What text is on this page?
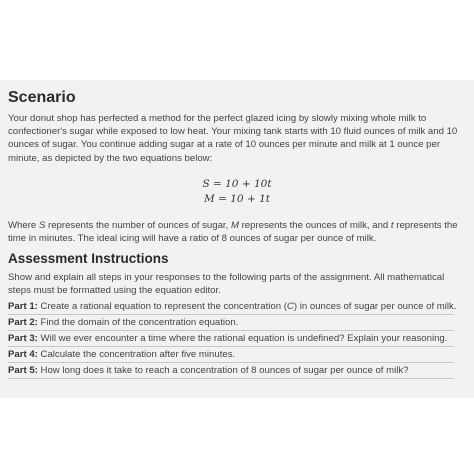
Scenario

Your donut shop has perfected a method for the perfect glazed icing by slowly mixing whole milk to confectioner's sugar while exposed to low heat. Your mixing tank starts with 10 fluid ounces of milk and 10 ounces of sugar. You continue adding sugar at a rate of 10 ounces per minute and milk at 1 ounce per minute, as depicted by the two equations below:

S = 10 + 10t
M = 10 + 1t

Where S represents the number of ounces of sugar, M represents the ounces of milk, and t represents the time in minutes. The ideal icing will have a ratio of 8 ounces of sugar per ounce of milk.

Assessment Instructions

Show and explain all steps in your responses to the following parts of the assignment. All mathematical steps must be formatted using the equation editor.

Part 1: Create a rational equation to represent the concentration (C) in ounces of sugar per ounce of milk.
Part 2: Find the domain of the concentration equation.
Part 3: Will we ever encounter a time where the rational equation is undefined? Explain your reasoning.
Part 4: Calculate the concentration after five minutes.
Part 5: How long does it take to reach a concentration of 8 ounces of sugar per ounce of milk?
